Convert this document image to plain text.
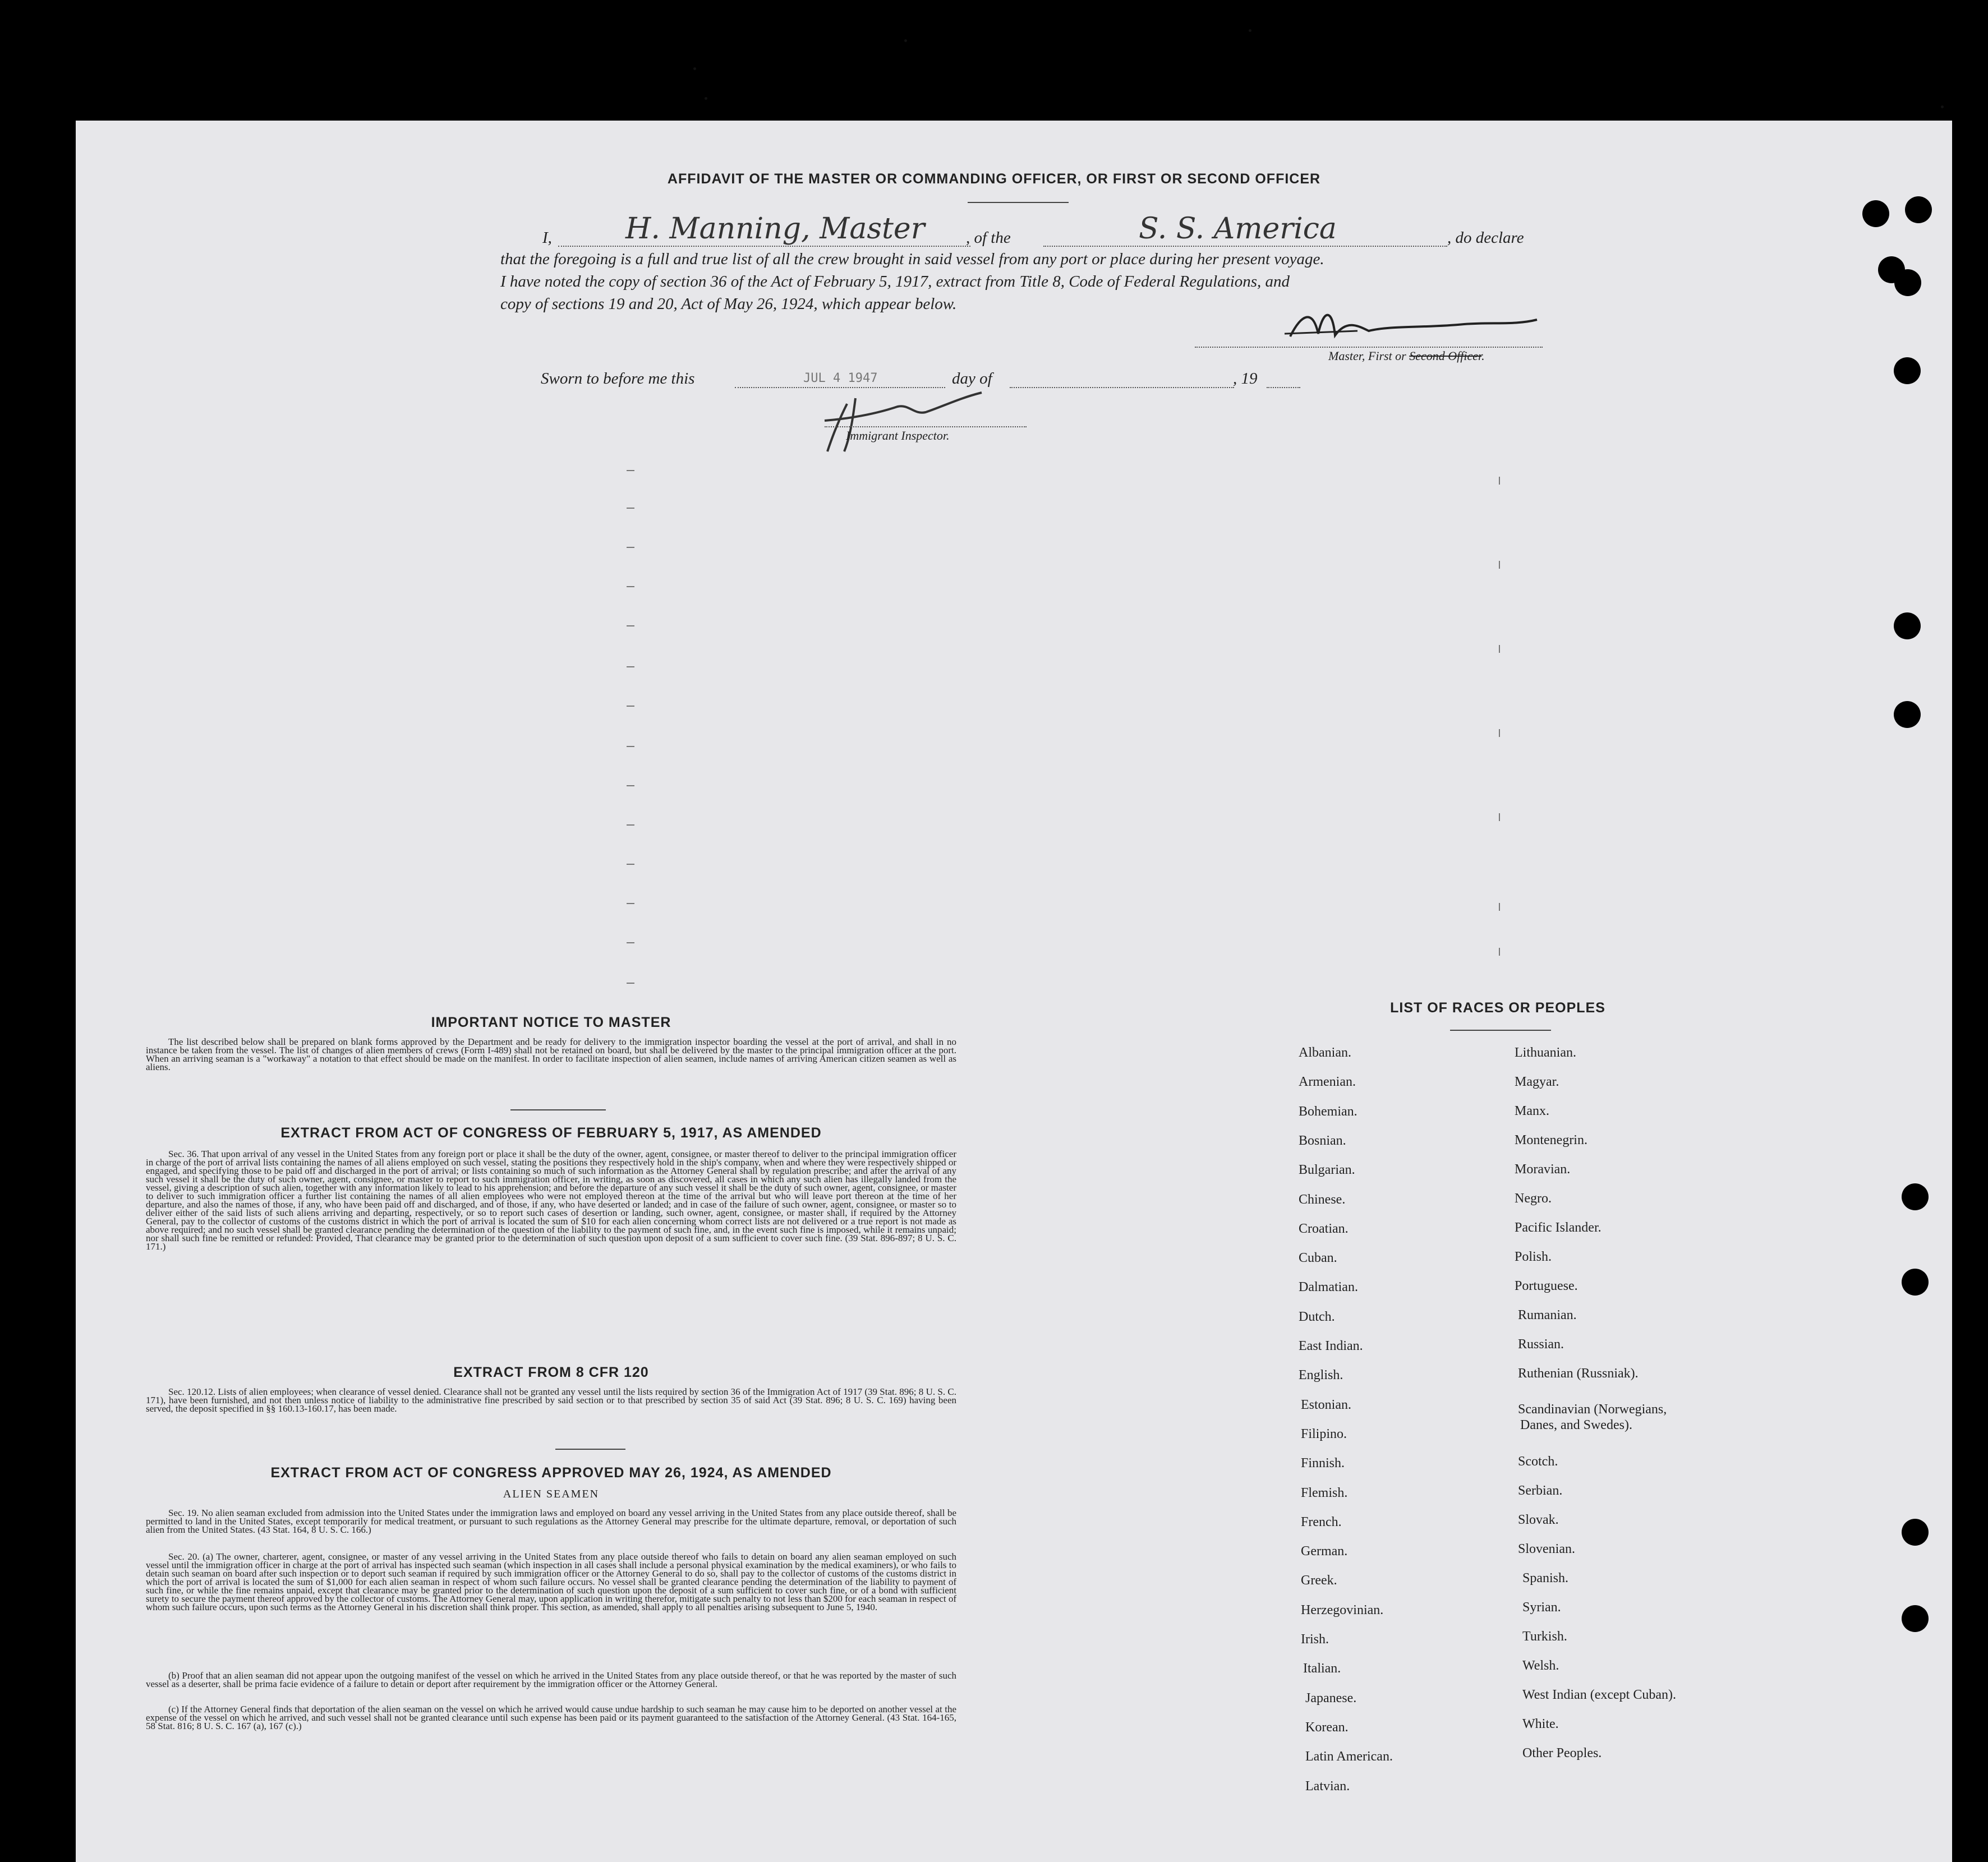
AFFIDAVIT OF THE MASTER OR COMMANDING OFFICER, OR FIRST OR SECOND OFFICER
I,	H. Manning, Master	, of the	S. S. America	, do declare
that the foregoing is a full and true list of all the crew brought in said vessel from any port or place during her present voyage.
I have noted the copy of section 36 of the Act of February 5, 1917, extract from Title 8, Code of Federal Regulations, and
copy of sections 19 and 20, Act of May 26, 1924, which appear below.
Master, First or Second Officer.
Sworn to before me this	JUL 4 1947	day of	, 19
Immigrant Inspector.
IMPORTANT NOTICE TO MASTER
The list described below shall be prepared on blank forms approved by the Department and be ready for delivery to the immigration inspector boarding the vessel at the port of arrival, and shall in no instance be taken from the vessel. The list of changes of alien members of crews (Form I-489) shall not be retained on board, but shall be delivered by the master to the principal immigration officer at the port. When an arriving seaman is a "workaway" a notation to that effect should be made on the manifest. In order to facilitate inspection of alien seamen, include names of arriving American citizen seamen as well as aliens.
EXTRACT FROM ACT OF CONGRESS OF FEBRUARY 5, 1917, AS AMENDED
Sec. 36. That upon arrival of any vessel in the United States from any foreign port or place it shall be the duty of the owner, agent, consignee, or master thereof to deliver to the principal immigration officer in charge of the port of arrival lists containing the names of all aliens employed on such vessel, stating the positions they respectively hold in the ship's company, when and where they were respectively shipped or engaged, and specifying those to be paid off and discharged in the port of arrival; or lists containing so much of such information as the Attorney General shall by regulation prescribe; and after the arrival of any such vessel it shall be the duty of such owner, agent, consignee, or master to report to such immigration officer, in writing, as soon as discovered, all cases in which any such alien has illegally landed from the vessel, giving a description of such alien, together with any information likely to lead to his apprehension; and before the departure of any such vessel it shall be the duty of such owner, agent, consignee, or master to deliver to such immigration officer a further list containing the names of all alien employees who were not employed thereon at the time of the arrival but who will leave port thereon at the time of her departure, and also the names of those, if any, who have been paid off and discharged, and of those, if any, who have deserted or landed; and in case of the failure of such owner, agent, consignee, or master so to deliver either of the said lists of such aliens arriving and departing, respectively, or so to report such cases of desertion or landing, such owner, agent, consignee, or master shall, if required by the Attorney General, pay to the collector of customs of the customs district in which the port of arrival is located the sum of $10 for each alien concerning whom correct lists are not delivered or a true report is not made as above required; and no such vessel shall be granted clearance pending the determination of the question of the liability to the payment of such fine, and, in the event such fine is imposed, while it remains unpaid; nor shall such fine be remitted or refunded: Provided, That clearance may be granted prior to the determination of such question upon deposit of a sum sufficient to cover such fine. (39 Stat. 896-897; 8 U. S. C. 171.)
EXTRACT FROM 8 CFR 120
Sec. 120.12. Lists of alien employees; when clearance of vessel denied. Clearance shall not be granted any vessel until the lists required by section 36 of the Immigration Act of 1917 (39 Stat. 896; 8 U. S. C. 171), have been furnished, and not then unless notice of liability to the administrative fine prescribed by said section or to that prescribed by section 35 of said Act (39 Stat. 896; 8 U. S. C. 169) having been served, the deposit specified in §§ 160.13-160.17, has been made.
EXTRACT FROM ACT OF CONGRESS APPROVED MAY 26, 1924, AS AMENDED
ALIEN SEAMEN
Sec. 19. No alien seaman excluded from admission into the United States under the immigration laws and employed on board any vessel arriving in the United States from any place outside thereof, shall be permitted to land in the United States, except temporarily for medical treatment, or pursuant to such regulations as the Attorney General may prescribe for the ultimate departure, removal, or deportation of such alien from the United States. (43 Stat. 164, 8 U. S. C. 166.)
Sec. 20. (a) The owner, charterer, agent, consignee, or master of any vessel arriving in the United States from any place outside thereof who fails to detain on board any alien seaman employed on such vessel until the immigration officer in charge at the port of arrival has inspected such seaman (which inspection in all cases shall include a personal physical examination by the medical examiners), or who fails to detain such seaman on board after such inspection or to deport such seaman if required by such immigration officer or the Attorney General to do so, shall pay to the collector of customs of the customs district in which the port of arrival is located the sum of $1,000 for each alien seaman in respect of whom such failure occurs. No vessel shall be granted clearance pending the determination of the liability to payment of such fine, or while the fine remains unpaid, except that clearance may be granted prior to the determination of such question upon the deposit of a sum sufficient to cover such fine, or of a bond with sufficient surety to secure the payment thereof approved by the collector of customs. The Attorney General may, upon application in writing therefor, mitigate such penalty to not less than $200 for each seaman in respect of whom such failure occurs, upon such terms as the Attorney General in his discretion shall think proper. This section, as amended, shall apply to all penalties arising subsequent to June 5, 1940.
(b) Proof that an alien seaman did not appear upon the outgoing manifest of the vessel on which he arrived in the United States from any place outside thereof, or that he was reported by the master of such vessel as a deserter, shall be prima facie evidence of a failure to detain or deport after requirement by the immigration officer or the Attorney General.
(c) If the Attorney General finds that deportation of the alien seaman on the vessel on which he arrived would cause undue hardship to such seaman he may cause him to be deported on another vessel at the expense of the vessel on which he arrived, and such vessel shall not be granted clearance until such expense has been paid or its payment guaranteed to the satisfaction of the Attorney General. (43 Stat. 164-165, 58 Stat. 816; 8 U. S. C. 167 (a), 167 (c).)
LIST OF RACES OR PEOPLES
Albanian.
Armenian.
Bohemian.
Bosnian.
Bulgarian.
Chinese.
Croatian.
Cuban.
Dalmatian.
Dutch.
East Indian.
English.
Estonian.
Filipino.
Finnish.
Flemish.
French.
German.
Greek.
Herzegovinian.
Irish.
Italian.
Japanese.
Korean.
Latin American.
Latvian.
Lithuanian.
Magyar.
Manx.
Montenegrin.
Moravian.
Negro.
Pacific Islander.
Polish.
Portuguese.
Rumanian.
Russian.
Ruthenian (Russniak).
Scandinavian (Norwegians,
Danes, and Swedes).
Scotch.
Serbian.
Slovak.
Slovenian.
Spanish.
Syrian.
Turkish.
Welsh.
West Indian (except Cuban).
White.
Other Peoples.
